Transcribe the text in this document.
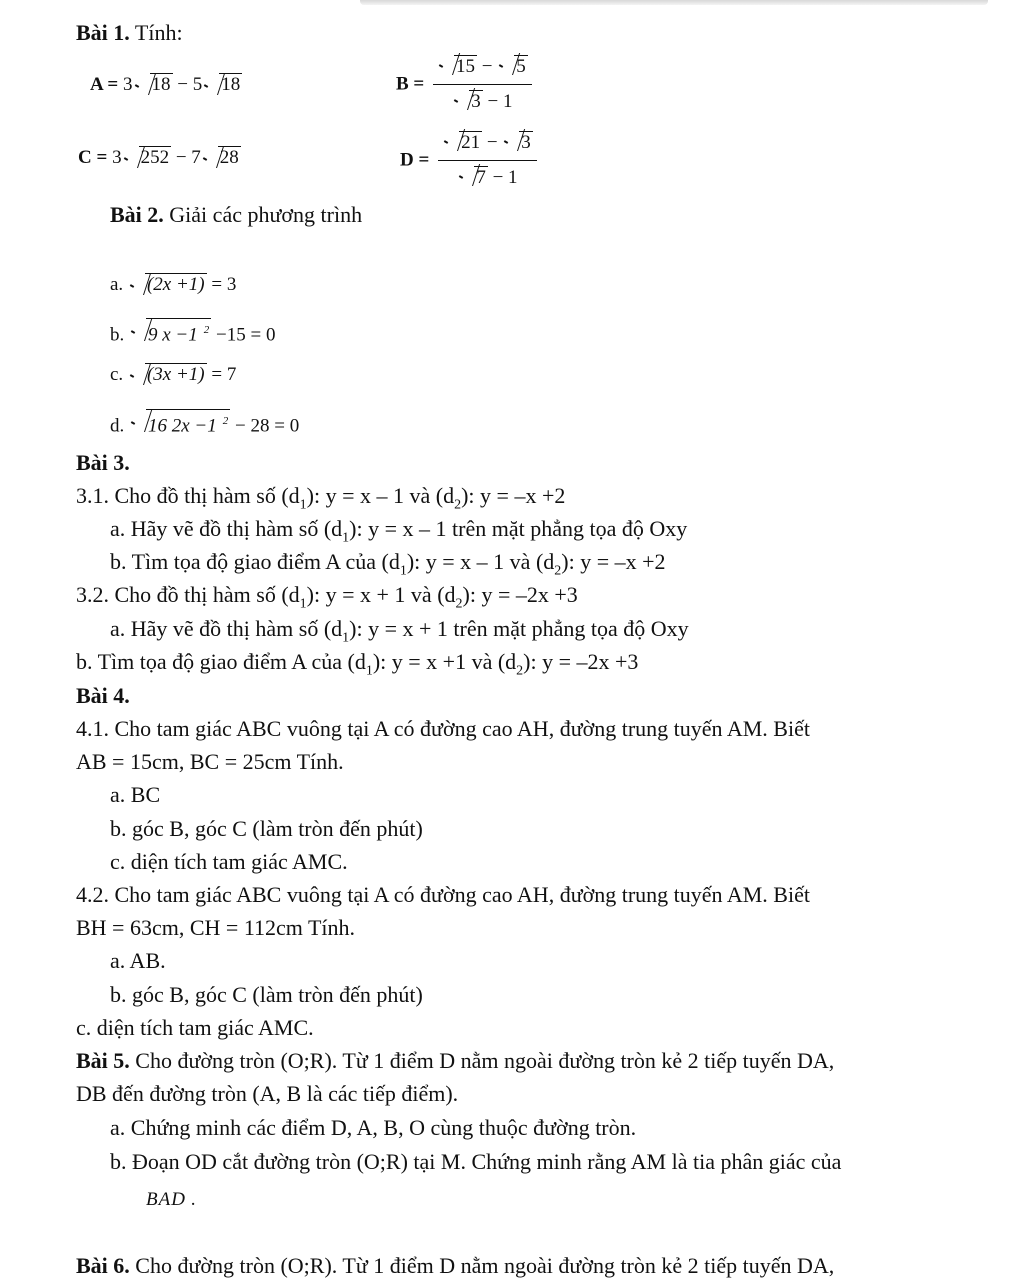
Bài 1. Tính:
A = 3 18 − 5 18	$B = \frac{15 - 5}{3 - 1}$
C = 3 252 − 7 28	$D = \frac{21 - 3}{7 - 1}$
Bài 2. Giải các phương trình
a. (2x +1) = 3
b. 9 x −1 $^2$ −15 = 0
c. (3x +1) = 7
d. 16 2x −1 $^2$ − 28 = 0
Bài 3.
3.1. Cho đồ thị hàm số $(d_1)$: y = x – 1 và $(d_2)$: y = –x +2
a. Hãy vẽ đồ thị hàm số $(d_1)$: y = x – 1 trên mặt phẳng tọa độ Oxy
b. Tìm tọa độ giao điểm A của $(d_1)$: y = x – 1 và $(d_2)$: y = –x +2
3.2. Cho đồ thị hàm số $(d_1)$: y = x + 1 và $(d_2)$: y = –2x +3
a. Hãy vẽ đồ thị hàm số $(d_1)$: y = x + 1 trên mặt phẳng tọa độ Oxy
b. Tìm tọa độ giao điểm A của $(d_1)$: y = x +1 và $(d_2)$: y = –2x +3
Bài 4.
4.1. Cho tam giác ABC vuông tại A có đường cao AH, đường trung tuyến AM. Biết
AB = 15cm, BC = 25cm Tính.
a. BC
b. góc B, góc C (làm tròn đến phút)
c. diện tích tam giác AMC.
4.2. Cho tam giác ABC vuông tại A có đường cao AH, đường trung tuyến AM. Biết
BH = 63cm, CH = 112cm Tính.
a. AB.
b. góc B, góc C (làm tròn đến phút)
c. diện tích tam giác AMC.
Bài 5. Cho đường tròn (O;R). Từ 1 điểm D nằm ngoài đường tròn kẻ 2 tiếp tuyến DA,
DB đến đường tròn (A, B là các tiếp điểm).
a. Chứng minh các điểm D, A, B, O cùng thuộc đường tròn.
b. Đoạn OD cắt đường tròn (O;R) tại M. Chứng minh rằng AM là tia phân giác của
BAD .
Bài 6. Cho đường tròn (O;R). Từ 1 điểm D nằm ngoài đường tròn kẻ 2 tiếp tuyến DA,
